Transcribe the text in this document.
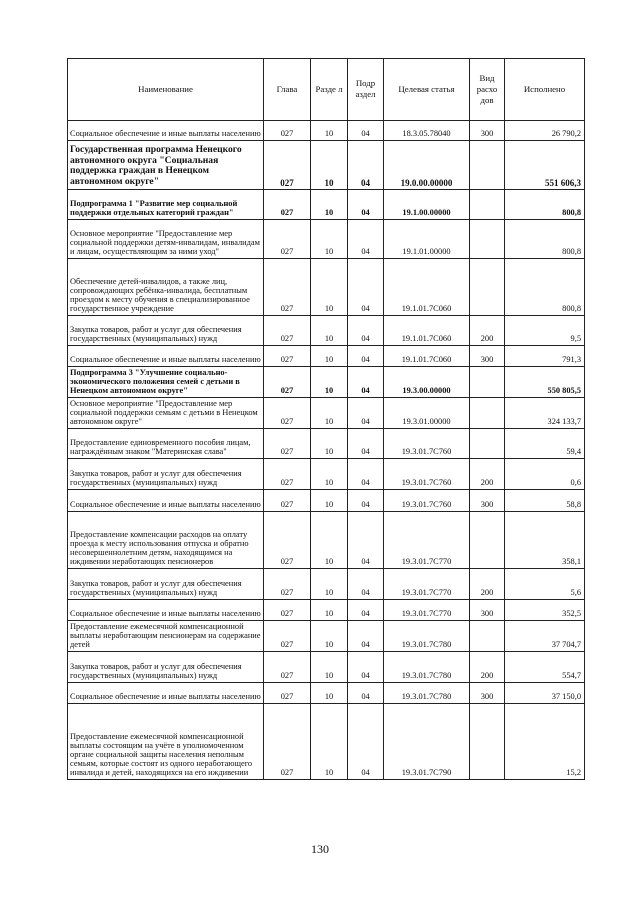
Наименование	Глава	Разде л	Подр аздел	Целевая статья	Вид расхо дов	Исполнено
Социальное обеспечение и иные выплаты населению	027	10	04	18.3.05.78040	300	26 790,2
Государственная программа Ненецкого автономного округа "Социальная поддержка граждан в Ненецком автономном округе"	027	10	04	19.0.00.00000		551 606,3
Подпрограмма 1 "Развитие мер социальной поддержки отдельных категорий граждан"	027	10	04	19.1.00.00000		800,8
Основное мероприятие "Предоставление мер социальной поддержки детям-инвалидам, инвалидам и лицам, осуществляющим за ними уход"	027	10	04	19.1.01.00000		800,8
Обеспечение детей-инвалидов, а также лиц, сопровождающих ребёнка-инвалида, бесплатным проездом к месту обучения в специализированное государственное учреждение	027	10	04	19.1.01.7С060		800,8
Закупка товаров, работ и услуг для обеспечения государственных (муниципальных) нужд	027	10	04	19.1.01.7С060	200	9,5
Социальное обеспечение и иные выплаты населению	027	10	04	19.1.01.7С060	300	791,3
Подпрограмма 3 "Улучшение социально-экономического положения семей с детьми в Ненецком автономном округе"	027	10	04	19.3.00.00000		550 805,5
Основное мероприятие "Предоставление мер социальной поддержки семьям с детьми в Ненецком автономном округе"	027	10	04	19.3.01.00000		324 133,7
Предоставление единовременного пособия лицам, награждённым знаком "Материнская слава"	027	10	04	19.3.01.7С760		59,4
Закупка товаров, работ и услуг для обеспечения государственных (муниципальных) нужд	027	10	04	19.3.01.7С760	200	0,6
Социальное обеспечение и иные выплаты населению	027	10	04	19.3.01.7С760	300	58,8
Предоставление компенсации расходов на оплату проезда к месту использования отпуска и обратно несовершеннолетним детям, находящимся на иждивении неработающих пенсионеров	027	10	04	19.3.01.7С770		358,1
Закупка товаров, работ и услуг для обеспечения государственных (муниципальных) нужд	027	10	04	19.3.01.7С770	200	5,6
Социальное обеспечение и иные выплаты населению	027	10	04	19.3.01.7С770	300	352,5
Предоставление ежемесячной компенсационной выплаты неработающим пенсионерам на содержание детей	027	10	04	19.3.01.7С780		37 704,7
Закупка товаров, работ и услуг для обеспечения государственных (муниципальных) нужд	027	10	04	19.3.01.7С780	200	554,7
Социальное обеспечение и иные выплаты населению	027	10	04	19.3.01.7С780	300	37 150,0
Предоставление ежемесячной компенсационной выплаты состоящим на учёте в уполномоченном органе социальной защиты населения неполным семьям, которые состоят из одного неработающего инвалида и детей, находящихся на его иждивении	027	10	04	19.3.01.7С790		15,2
130
